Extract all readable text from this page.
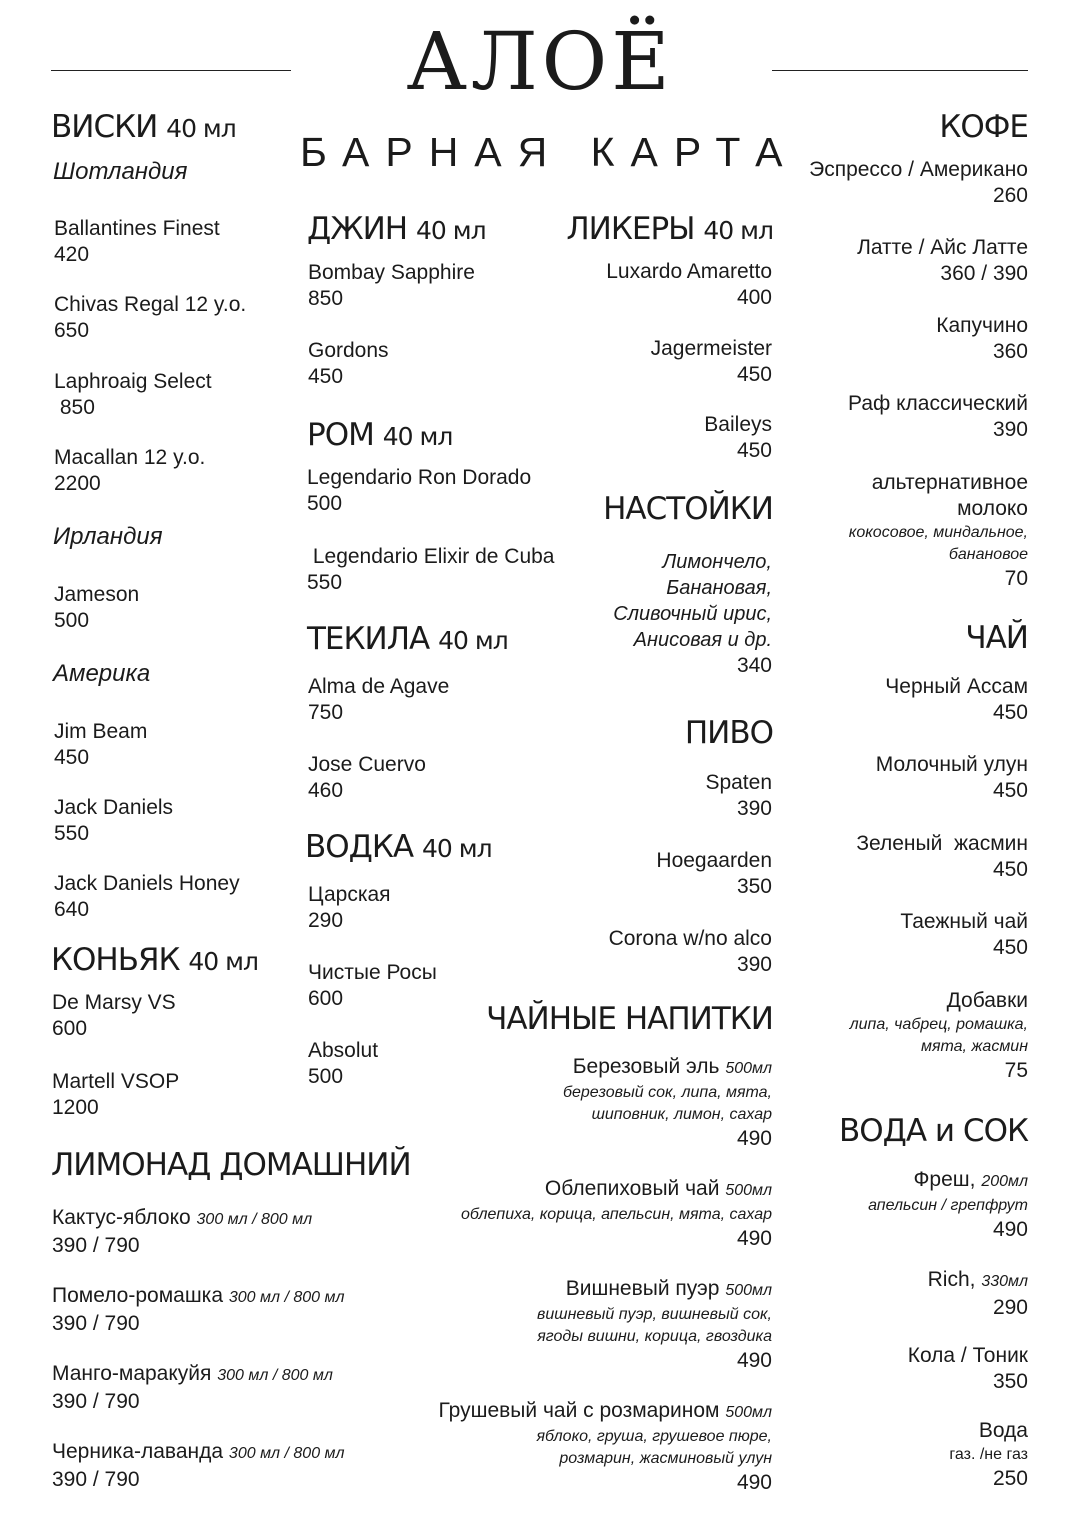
АЛОЁ
БАРНАЯ КАРТА
ВИСКИ 40 мл
Шотландия
Ballantines Finest
420
Chivas Regal 12 y.o.
650
Laphroaig Select
850
Macallan 12 y.o.
2200
Ирландия
Jameson
500
Америка
Jim Beam
450
Jack Daniels
550
Jack Daniels Honey
640
КОНЬЯК 40 мл
De Marsy VS
600
Martell VSOP
1200
ЛИМОНАД ДОМАШНИЙ
Кактус-яблоко 300 мл / 800 мл
390 / 790
Помело-ромашка 300 мл / 800 мл
390 / 790
Манго-маракуйя 300 мл / 800 мл
390 / 790
Черника-лаванда 300 мл / 800 мл
390 / 790
ДЖИН 40 мл
Bombay Sapphire
850
Gordons
450
РОМ 40 мл
Legendario Ron Dorado
500
Legendario Elixir de Cuba
550
ТЕКИЛА 40 мл
Alma de Agave
750
Jose Cuervo
460
ВОДКА 40 мл
Царская
290
Чистые Росы
600
Absolut
500
ЛИКЕРЫ 40 мл
Luxardo Amaretto
400
Jagermeister
450
Baileys
450
НАСТОЙКИ
Лимончело,
Банановая,
Сливочный ирис,
Анисовая и др.
340
ПИВО
Spaten
390
Hoegaarden
350
Corona w/no alco
390
ЧАЙНЫЕ НАПИТКИ
Березовый эль 500мл
березовый сок, липа, мята,
шиповник, лимон, сахар
490
Облепиховый чай 500мл
облепиха, корица, апельсин, мята, сахар
490
Вишневый пуэр 500мл
вишневый пуэр, вишневый сок,
ягоды вишни, корица, гвоздика
490
Грушевый чай с розмарином 500мл
яблоко, груша, грушевое пюре,
розмарин, жасминовый улун
490
КОФЕ
Эспрессо / Американо
260
Латте / Айс Латте
360 / 390
Капучино
360
Раф классический
390
альтернативное
молоко
кокосовое, миндальное,
банановое
70
ЧАЙ
Черный Ассам
450
Молочный улун
450
Зеленый  жасмин
450
Таежный чай
450
Добавки
липа, чабрец, ромашка,
мята, жасмин
75
ВОДА и СОК
Фреш, 200мл
апельсин / грепфрут
490
Rich, 330мл
290
Кола / Тоник
350
Вода
газ. /не газ
250
